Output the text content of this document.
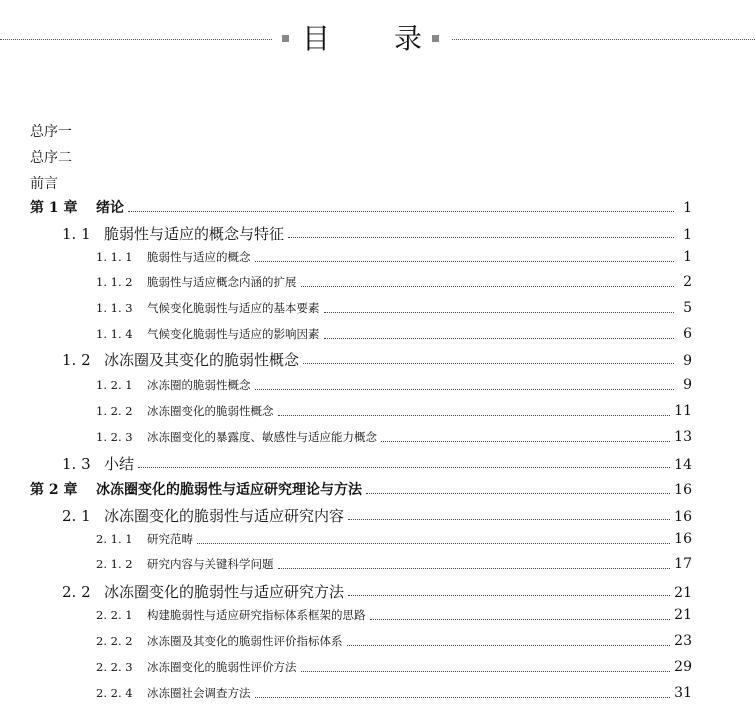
目 录
总序一
总序二
前言
第 1 章	绪论	1
1. 1 脆弱性与适应的概念与特征	1
1. 1. 1	脆弱性与适应的概念	1
1. 1. 2	脆弱性与适应概念内涵的扩展	2
1. 1. 3	气候变化脆弱性与适应的基本要素	5
1. 1. 4	气候变化脆弱性与适应的影响因素	6
1. 2 冰冻圈及其变化的脆弱性概念	9
1. 2. 1	冰冻圈的脆弱性概念	9
1. 2. 2	冰冻圈变化的脆弱性概念	11
1. 2. 3	冰冻圈变化的暴露度、敏感性与适应能力概念	13
1. 3 小结	14
第 2 章	冰冻圈变化的脆弱性与适应研究理论与方法	16
2. 1 冰冻圈变化的脆弱性与适应研究内容	16
2. 1. 1	研究范畴	16
2. 1. 2	研究内容与关键科学问题	17
2. 2 冰冻圈变化的脆弱性与适应研究方法	21
2. 2. 1	构建脆弱性与适应研究指标体系框架的思路	21
2. 2. 2	冰冻圈及其变化的脆弱性评价指标体系	23
2. 2. 3	冰冻圈变化的脆弱性评价方法	29
2. 2. 4	冰冻圈社会调查方法	31
